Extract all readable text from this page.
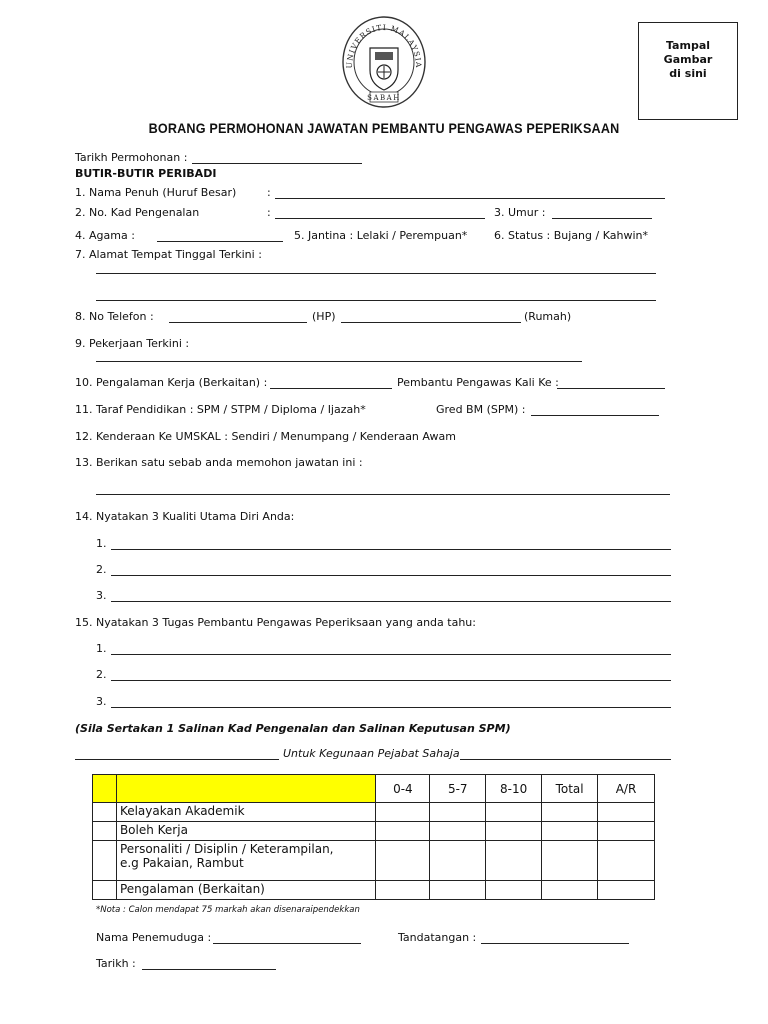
UNIVERSITI MALAYSIA
SABAH
Tampal
Gambar
di sini
BORANG PERMOHONAN JAWATAN PEMBANTU PENGAWAS PEPERIKSAAN
Tarikh Permohonan :
BUTIR-BUTIR PERIBADI
1. Nama Penuh (Huruf Besar)	:
2. No. Kad Pengenalan	:	3. Umur :
4. Agama :	5. Jantina : Lelaki / Perempuan* 6. Status : Bujang / Kahwin*
7. Alamat Tempat Tinggal Terkini :
8. No Telefon :	(HP)	(Rumah)
9. Pekerjaan Terkini :
10. Pengalaman Kerja (Berkaitan) :	Pembantu Pengawas Kali Ke :
11. Taraf Pendidikan : SPM / STPM / Diploma / Ijazah*	Gred BM (SPM) :
12. Kenderaan Ke UMSKAL : Sendiri / Menumpang / Kenderaan Awam
13. Berikan satu sebab anda memohon jawatan ini :
14. Nyatakan 3 Kualiti Utama Diri Anda:
1.
2.
3.
15. Nyatakan 3 Tugas Pembantu Pengawas Peperiksaan yang anda tahu:
1.
2.
3.
(Sila Sertakan 1 Salinan Kad Pengenalan dan Salinan Keputusan SPM)
Untuk Kegunaan Pejabat Sahaja
		0-4	5-7	8-10	Total	A/R
	Kelayakan Akademik					
	Boleh Kerja					
	Personaliti / Disiplin / Keterampilan,
e.g Pakaian, Rambut					
	Pengalaman (Berkaitan)					
*Nota : Calon mendapat 75 markah akan disenaraipendekkan
Nama Penemuduga :	Tandatangan :
Tarikh :
